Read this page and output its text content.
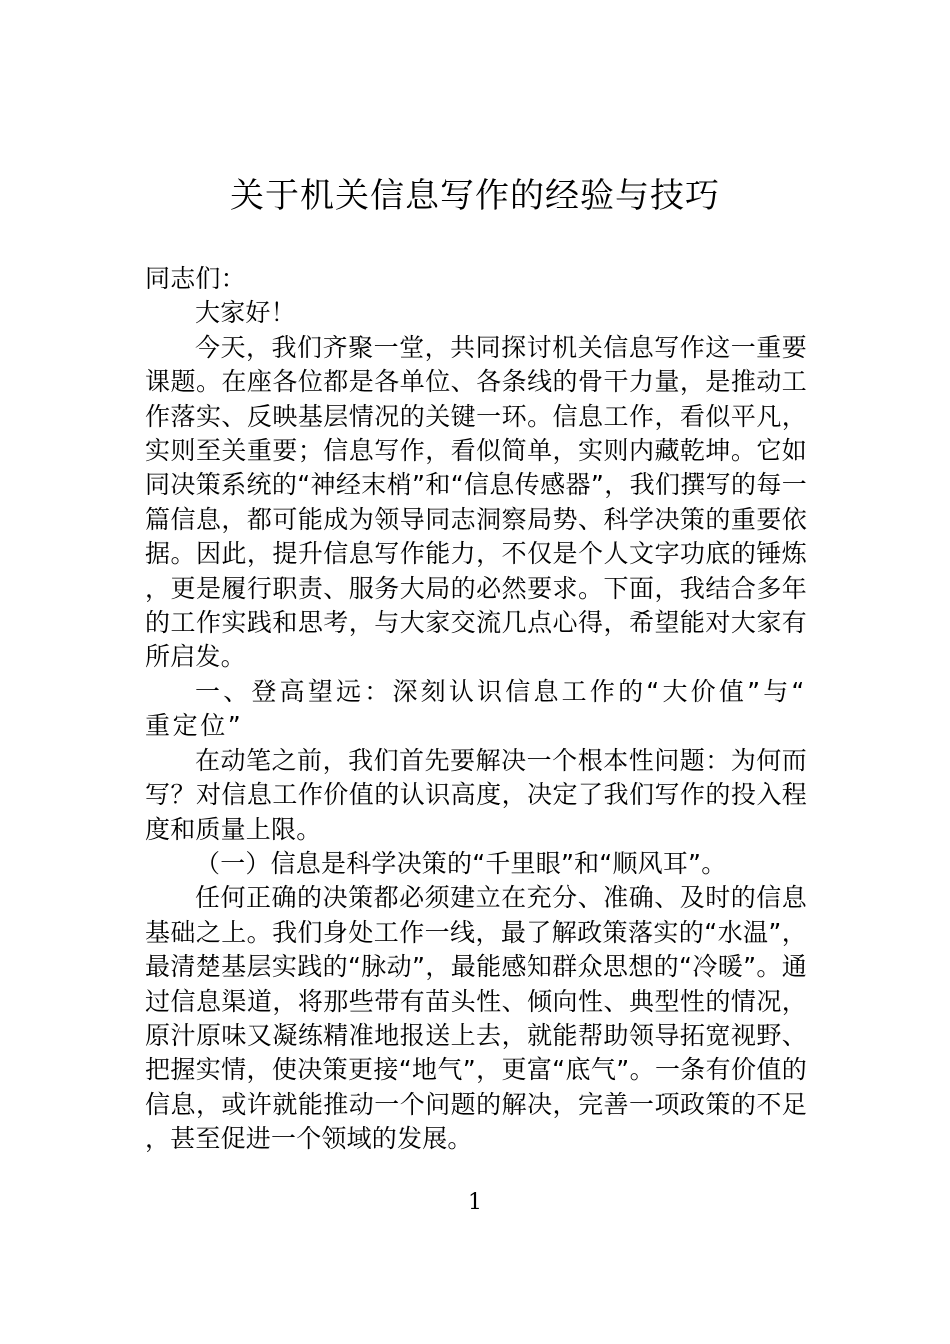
关于机关信息写作的经验与技巧

同志们：

大家好！

今天，我们齐聚一堂，共同探讨机关信息写作这一重要课题。在座各位都是各单位、各条线的骨干力量，是推动工作落实、反映基层情况的关键一环。信息工作，看似平凡，实则至关重要；信息写作，看似简单，实则内藏乾坤。它如同决策系统的“神经末梢”和“信息传感器”，我们撰写的每一篇信息，都可能成为领导同志洞察局势、科学决策的重要依据。因此，提升信息写作能力，不仅是个人文字功底的锤炼，更是履行职责、服务大局的必然要求。下面，我结合多年的工作实践和思考，与大家交流几点心得，希望能对大家有所启发。

一、登高望远：深刻认识信息工作的“大价值”与“重定位”

在动笔之前，我们首先要解决一个根本性问题：为何而写？对信息工作价值的认识高度，决定了我们写作的投入程度和质量上限。

（一）信息是科学决策的“千里眼”和“顺风耳”。

任何正确的决策都必须建立在充分、准确、及时的信息基础之上。我们身处工作一线，最了解政策落实的“水温”，最清楚基层实践的“脉动”，最能感知群众思想的“冷暖”。通过信息渠道，将那些带有苗头性、倾向性、典型性的情况，原汁原味又凝练精准地报送上去，就能帮助领导拓宽视野、把握实情，使决策更接“地气”，更富“底气”。一条有价值的信息，或许就能推动一个问题的解决，完善一项政策的不足，甚至促进一个领域的发展。

1
